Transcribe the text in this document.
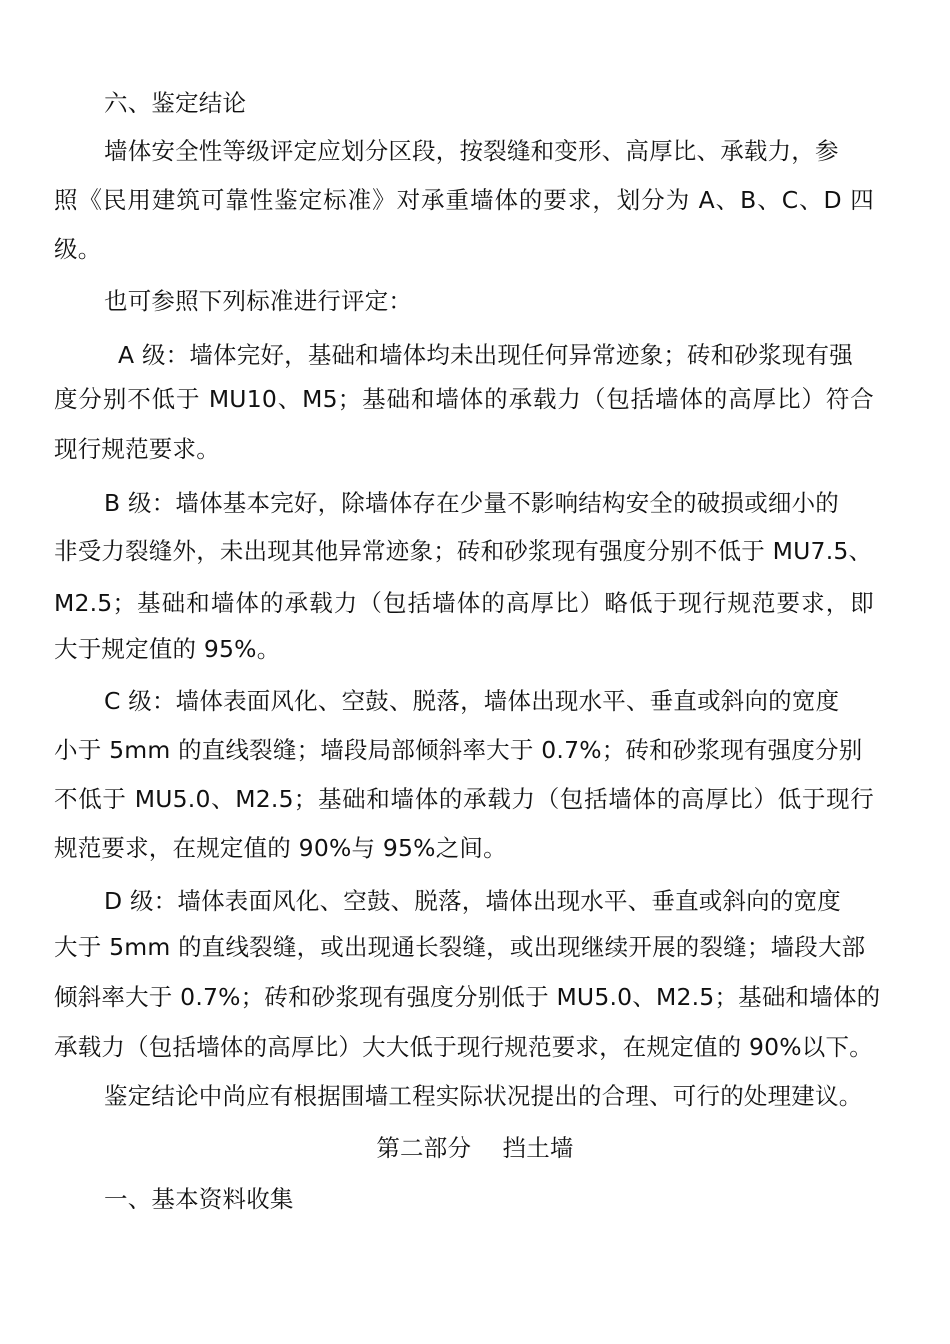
六、鉴定结论
墙体安全性等级评定应划分区段，按裂缝和变形、高厚比、承载力，参
照《民用建筑可靠性鉴定标准》对承重墙体的要求，划分为 A、B、C、D 四
级。
也可参照下列标准进行评定：
A 级：墙体完好，基础和墙体均未出现任何异常迹象；砖和砂浆现有强
度分别不低于 MU10、M5；基础和墙体的承载力（包括墙体的高厚比）符合
现行规范要求。
B 级：墙体基本完好，除墙体存在少量不影响结构安全的破损或细小的
非受力裂缝外，未出现其他异常迹象；砖和砂浆现有强度分别不低于 MU7.5、
M2.5；基础和墙体的承载力（包括墙体的高厚比）略低于现行规范要求，即
大于规定值的 95%。
C 级：墙体表面风化、空鼓、脱落，墙体出现水平、垂直或斜向的宽度
小于 5mm 的直线裂缝；墙段局部倾斜率大于 0.7%；砖和砂浆现有强度分别
不低于 MU5.0、M2.5；基础和墙体的承载力（包括墙体的高厚比）低于现行
规范要求，在规定值的 90%与 95%之间。
D 级：墙体表面风化、空鼓、脱落，墙体出现水平、垂直或斜向的宽度
大于 5mm 的直线裂缝，或出现通长裂缝，或出现继续开展的裂缝；墙段大部
倾斜率大于 0.7%；砖和砂浆现有强度分别低于 MU5.0、M2.5；基础和墙体的
承载力（包括墙体的高厚比）大大低于现行规范要求，在规定值的 90%以下。
鉴定结论中尚应有根据围墙工程实际状况提出的合理、可行的处理建议。
第二部分　 挡土墙
一、基本资料收集
